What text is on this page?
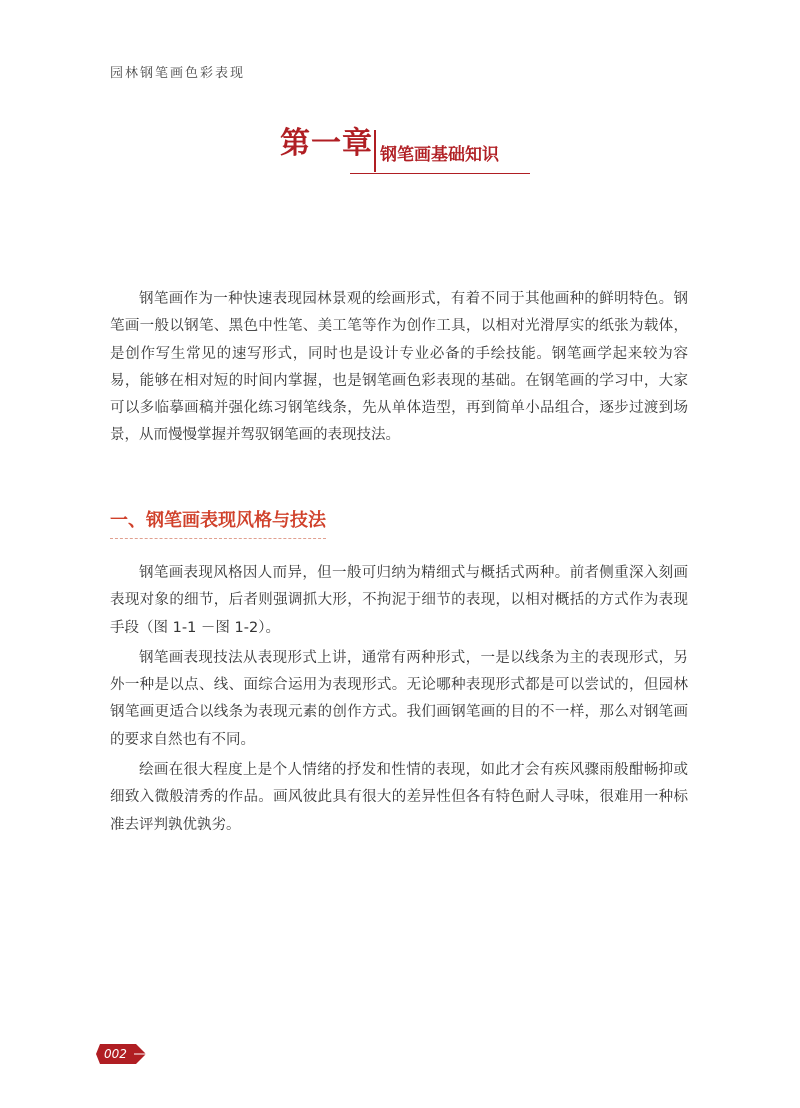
园林钢笔画色彩表现
第一章 钢笔画基础知识

钢笔画作为一种快速表现园林景观的绘画形式，有着不同于其他画种的鲜明特色。钢笔画一般以钢笔、黑色中性笔、美工笔等作为创作工具，以相对光滑厚实的纸张为载体，是创作写生常见的速写形式，同时也是设计专业必备的手绘技能。钢笔画学起来较为容易，能够在相对短的时间内掌握，也是钢笔画色彩表现的基础。在钢笔画的学习中，大家可以多临摹画稿并强化练习钢笔线条，先从单体造型，再到简单小品组合，逐步过渡到场景，从而慢慢掌握并驾驭钢笔画的表现技法。

一、钢笔画表现风格与技法

钢笔画表现风格因人而异，但一般可归纳为精细式与概括式两种。前者侧重深入刻画表现对象的细节，后者则强调抓大形，不拘泥于细节的表现，以相对概括的方式作为表现手段（图 1-1 －图 1-2）。

钢笔画表现技法从表现形式上讲，通常有两种形式，一是以线条为主的表现形式，另外一种是以点、线、面综合运用为表现形式。无论哪种表现形式都是可以尝试的，但园林钢笔画更适合以线条为表现元素的创作方式。我们画钢笔画的目的不一样，那么对钢笔画的要求自然也有不同。

绘画在很大程度上是个人情绪的抒发和性情的表现，如此才会有疾风骤雨般酣畅抑或细致入微般清秀的作品。画风彼此具有很大的差异性但各有特色耐人寻味，很难用一种标准去评判孰优孰劣。

002
